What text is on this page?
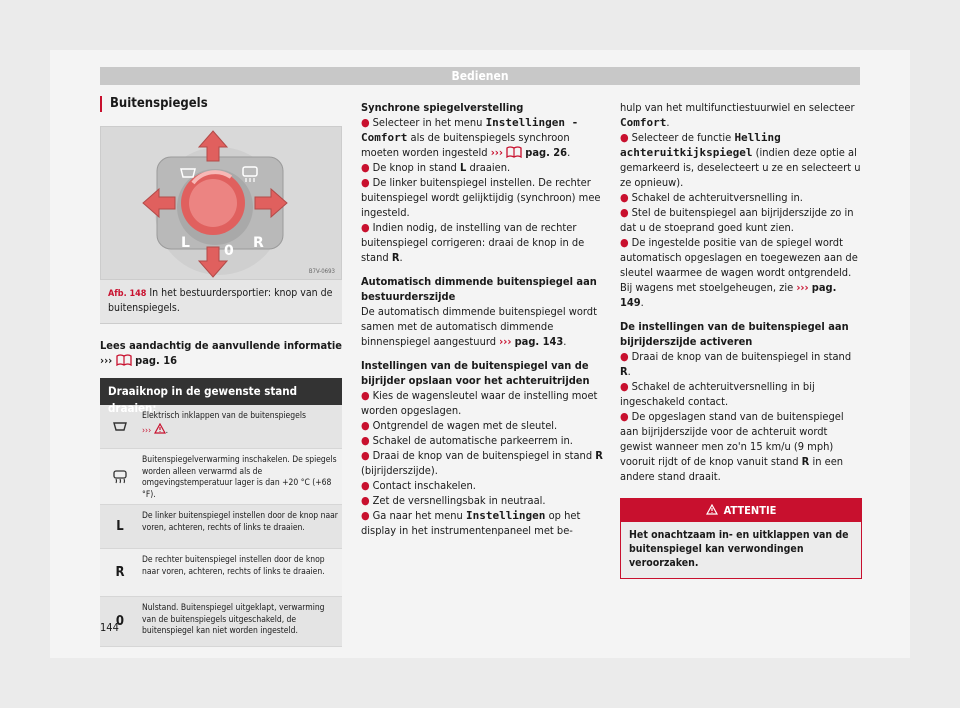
Bedienen
Buitenspiegels
L 0 R
B7V-0693
Afb. 148 In het bestuurdersportier: knop van de buitenspiegels.
Lees aandachtig de aanvullende informatie
››› pag. 16
Draaiknop in de gewenste stand draaien:
Elektrisch inklappen van de buitenspiegels
››› .
Buitenspiegelverwarming inschakelen. De spiegels worden alleen verwarmd als de omgevingstemperatuur lager is dan +20 °C (+68 °F).
L
De linker buitenspiegel instellen door de knop naar voren, achteren, rechts of links te draaien.
R
De rechter buitenspiegel instellen door de knop naar voren, achteren, rechts of links te draaien.
0
Nulstand. Buitenspiegel uitgeklapt, verwarming van de buitenspiegels uitgeschakeld, de buitenspiegel kan niet worden ingesteld.

Synchrone spiegelverstelling

● Selecteer in het menu Instellingen - Comfort als de buitenspiegels synchroon moeten worden ingesteld ››› pag. 26.

● De knop in stand L draaien.

● De linker buitenspiegel instellen. De rechter buitenspiegel wordt gelijktijdig (synchroon) mee ingesteld.

● Indien nodig, de instelling van de rechter buitenspiegel corrigeren: draai de knop in de stand R.

Automatisch dimmende buitenspiegel aan bestuurderszijde

De automatisch dimmende buitenspiegel wordt samen met de automatisch dimmende binnenspiegel aangestuurd ››› pag. 143.

Instellingen van de buitenspiegel van de bijrijder opslaan voor het achteruitrijden

● Kies de wagensleutel waar de instelling moet worden opgeslagen.

● Ontgrendel de wagen met de sleutel.

● Schakel de automatische parkeerrem in.

● Draai de knop van de buitenspiegel in stand R (bijrijderszijde).

● Contact inschakelen.

● Zet de versnellingsbak in neutraal.

● Ga naar het menu Instellingen op het display in het instrumentenpaneel met be-

hulp van het multifunctiestuurwiel en selecteer Comfort.

● Selecteer de functie Helling achteruitkijkspiegel (indien deze optie al gemarkeerd is, deselecteert u ze en selecteert u ze opnieuw).

● Schakel de achteruitversnelling in.

● Stel de buitenspiegel aan bijrijderszijde zo in dat u de stoeprand goed kunt zien.

● De ingestelde positie van de spiegel wordt automatisch opgeslagen en toegewezen aan de sleutel waarmee de wagen wordt ontgrendeld. Bij wagens met stoelgeheugen, zie ››› pag. 149.

De instellingen van de buitenspiegel aan bijrijderszijde activeren

● Draai de knop van de buitenspiegel in stand R.

● Schakel de achteruitversnelling in bij ingeschakeld contact.

● De opgeslagen stand van de buitenspiegel aan bijrijderszijde voor de achteruit wordt gewist wanneer men zo'n 15 km/u (9 mph) vooruit rijdt of de knop vanuit stand R in een andere stand draait.

ATTENTIE
Het onachtzaam in- en uitklappen van de buitenspiegel kan verwondingen veroorzaken.
144
